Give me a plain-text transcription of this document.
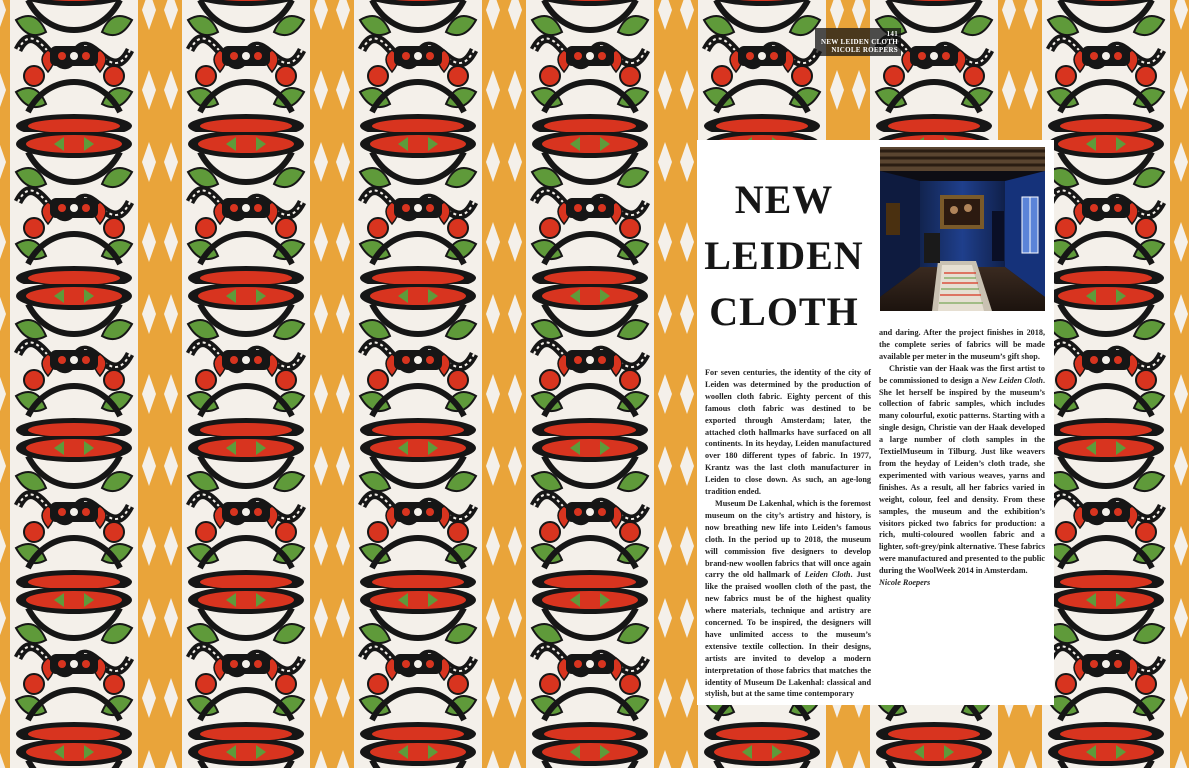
141
NEW LEIDEN CLOTH
NICOLE ROEPERS
NEW
LEIDEN
CLOTH

For seven centuries, the identity of the city of Leiden was determined by the production of woollen cloth fabric. Eighty percent of this famous cloth fabric was destined to be exported through Amsterdam; later, the attached cloth hallmarks have surfaced on all continents. In its heyday, Leiden manufactured over 180 different types of fabric. In 1977, Krantz was the last cloth manufacturer in Leiden to close down. As such, an age-long tradition ended.

Museum De Lakenhal, which is the foremost museum on the city’s artistry and history, is now breathing new life into Leiden’s famous cloth. In the period up to 2018, the museum will commission five designers to develop brand-new woollen fabrics that will once again carry the old hallmark of Leiden Cloth. Just like the praised woollen cloth of the past, the new fabrics must be of the highest quality where materials, technique and artistry are concerned. To be inspired, the designers will have unlimited access to the museum’s extensive textile collection. In their designs, artists are invited to develop a modern interpretation of those fabrics that matches the identity of Museum De Lakenhal: classical and stylish, but at the same time contemporary

and daring. After the project finishes in 2018, the complete series of fabrics will be made available per meter in the museum’s gift shop.

Christie van der Haak was the first artist to be commissioned to design a New Leiden Cloth. She let herself be inspired by the museum’s collection of fabric samples, which includes many colourful, exotic patterns. Starting with a single design, Christie van der Haak developed a large number of cloth samples in the TextielMuseum in Tilburg. Just like weavers from the heyday of Leiden’s cloth trade, she experimented with various weaves, yarns and finishes. As a result, all her fabrics varied in weight, colour, feel and density. From these samples, the museum and the exhibition’s visitors picked two fabrics for production: a rich, multi-coloured woollen fabric and a lighter, soft-grey/pink alternative. These fabrics were manufactured and presented to the public during the WoolWeek 2014 in Amsterdam.

Nicole Roepers
